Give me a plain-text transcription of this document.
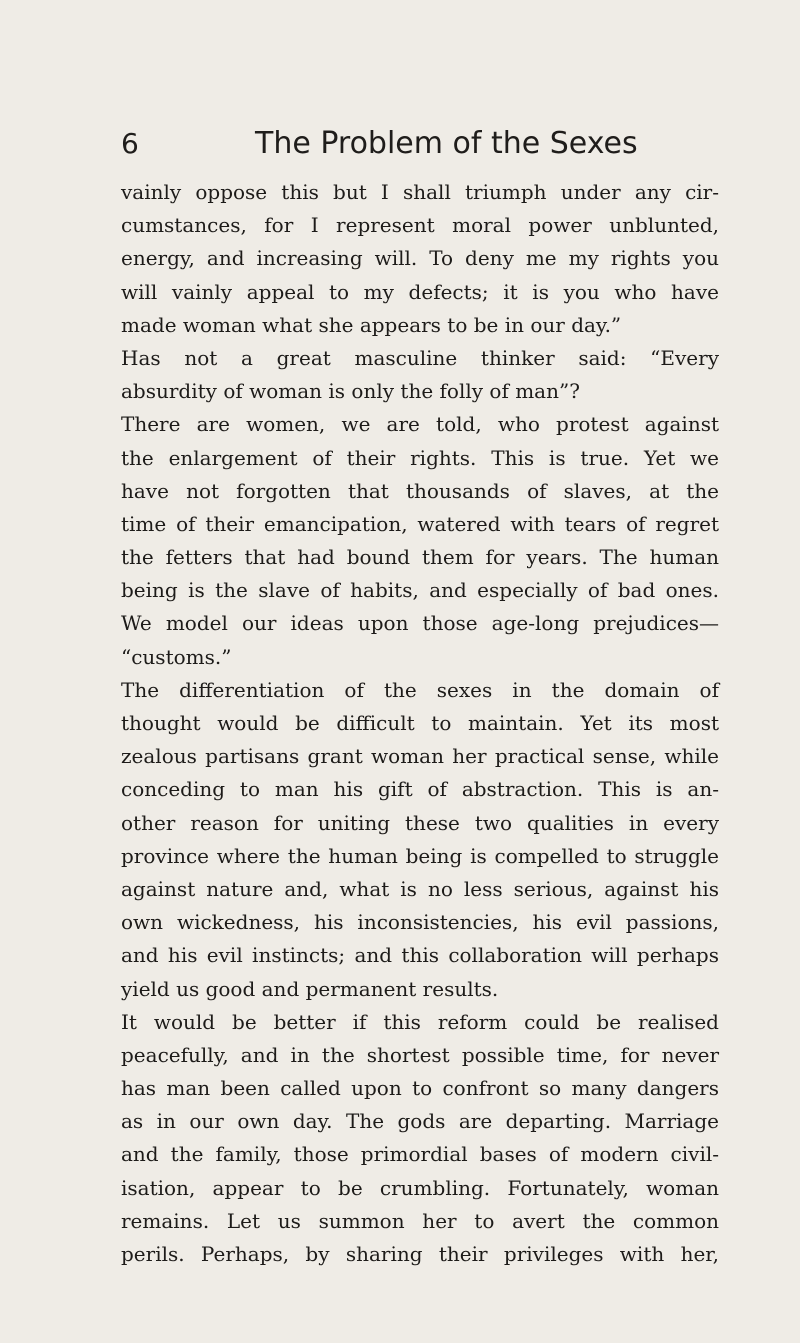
6	The Problem of the Sexes
vainly oppose this but I shall triumph under any cir-
cumstances, for I represent moral power unblunted,
energy, and increasing will. To deny me my rights you
will vainly appeal to my defects; it is you who have
made woman what she appears to be in our day.”
Has not a great masculine thinker said: “Every
absurdity of woman is only the folly of man”?
There are women, we are told, who protest against
the enlargement of their rights. This is true. Yet we
have not forgotten that thousands of slaves, at the
time of their emancipation, watered with tears of regret
the fetters that had bound them for years. The human
being is the slave of habits, and especially of bad ones.
We model our ideas upon those age-long prejudices—
“customs.”
The differentiation of the sexes in the domain of
thought would be difficult to maintain. Yet its most
zealous partisans grant woman her practical sense, while
conceding to man his gift of abstraction. This is an-
other reason for uniting these two qualities in every
province where the human being is compelled to struggle
against nature and, what is no less serious, against his
own wickedness, his inconsistencies, his evil passions,
and his evil instincts; and this collaboration will perhaps
yield us good and permanent results.
It would be better if this reform could be realised
peacefully, and in the shortest possible time, for never
has man been called upon to confront so many dangers
as in our own day. The gods are departing. Marriage
and the family, those primordial bases of modern civil-
isation, appear to be crumbling. Fortunately, woman
remains. Let us summon her to avert the common
perils. Perhaps, by sharing their privileges with her,
